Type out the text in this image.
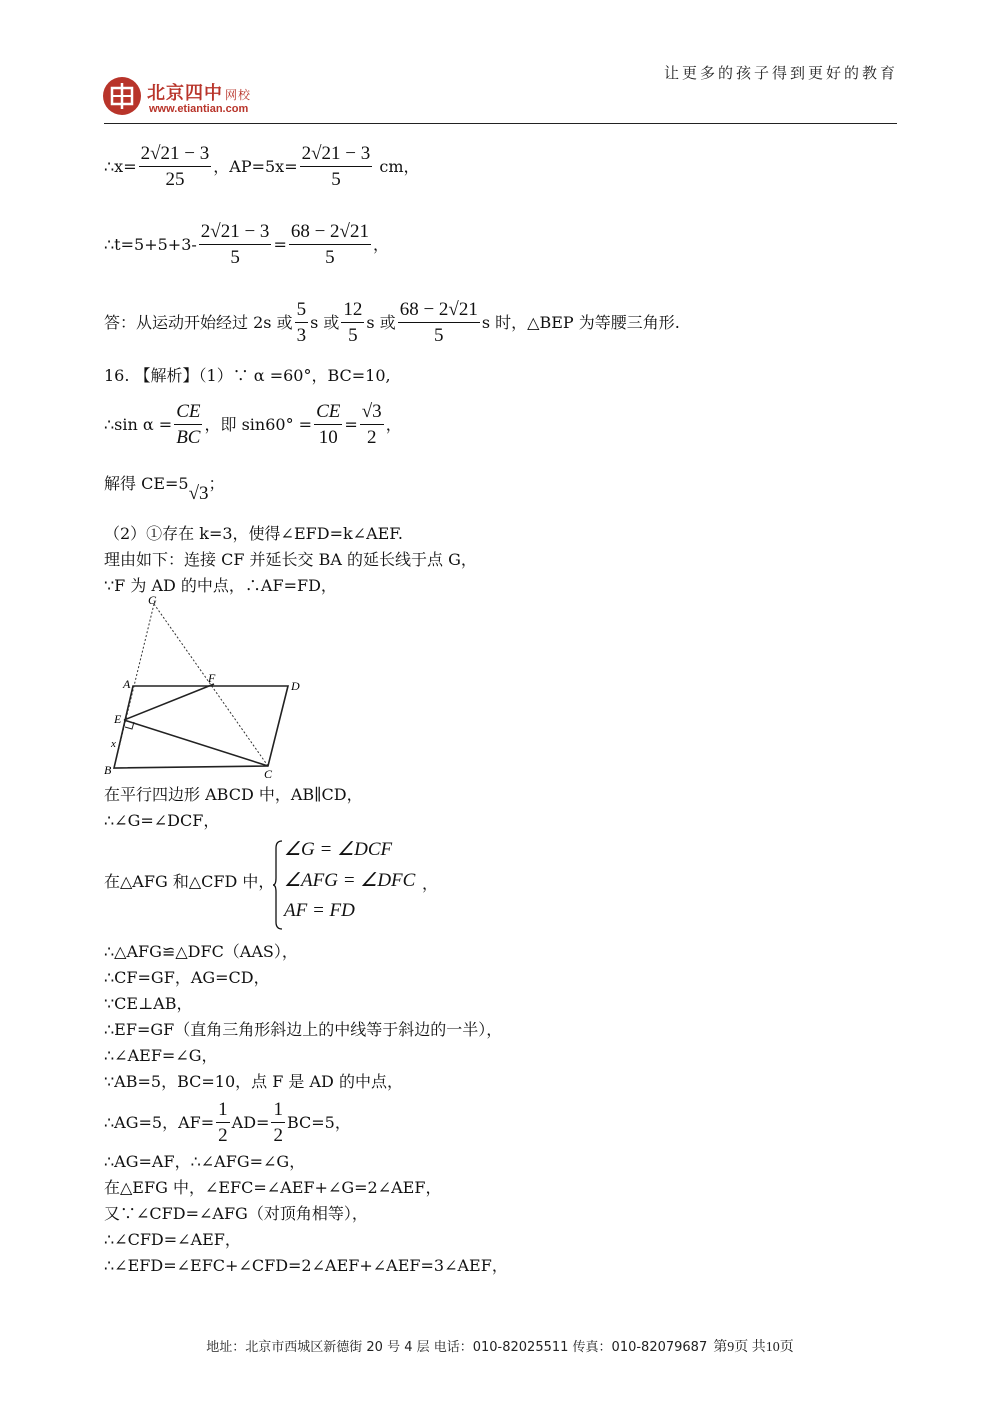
北京四中 网校
www.etiantian.com
让更多的孩子得到更好的教育
∴x= $\frac{2√21 - 3}{25}$ ，$AP=5x= \frac{2√21 - 3}{5}$ cm，
∴t=5+5+3- $\frac{2√21 - 3}{5} = \frac{68 - 2√21}{5}$ ，
答：从运动开始经过 2s 或 $\frac{5}{3}$ s 或 $\frac{12}{5}$ s 或 $\frac{68 - 2√21}{5}$ s 时，△BEP 为等腰三角形.
16. 【解析】（1）∵ α =60°，BC=10,
∴sin $\alpha = \frac{CE}{BC}$ ，即 $\sin 60^\circ = \frac{CE}{10} = \frac{√3}{2}$ ，
解得 CE=5√3；
（2）①存在 k=3，使得∠EFD=k∠AEF.
理由如下：连接 CF 并延长交 BA 的延长线于点 G，
∵F 为 AD 的中点，∴AF=FD，
G
A	F
D
E
x
B	C
在平行四边形 ABCD 中，AB∥CD，
∴∠G=∠DCF，
在△AFG 和△CFD 中，
∠G = ∠DCF
∠AFG = ∠DFC
AF = FD
，
∴△AFG≌△DFC（AAS），
∴CF=GF，AG=CD，
∵CE⊥AB，
∴EF=GF（直角三角形斜边上的中线等于斜边的一半），
∴∠AEF=∠G，
∵AB=5，BC=10，点 F 是 AD 的中点，
∴AG=5，$AF= \frac{1}{2} AD= \frac{1}{2} BC=5$，
∴AG=AF，∴∠AFG=∠G，
在△EFG 中，∠EFC=∠AEF+∠G=2∠AEF，
又∵∠CFD=∠AFG（对顶角相等），
∴∠CFD=∠AEF，
∴∠EFD=∠EFC+∠CFD=2∠AEF+∠AEF=3∠AEF，
地址：北京市西城区新德街 20 号 4 层 电话：010-82025511 传真：010-82079687 第9页 共10页
